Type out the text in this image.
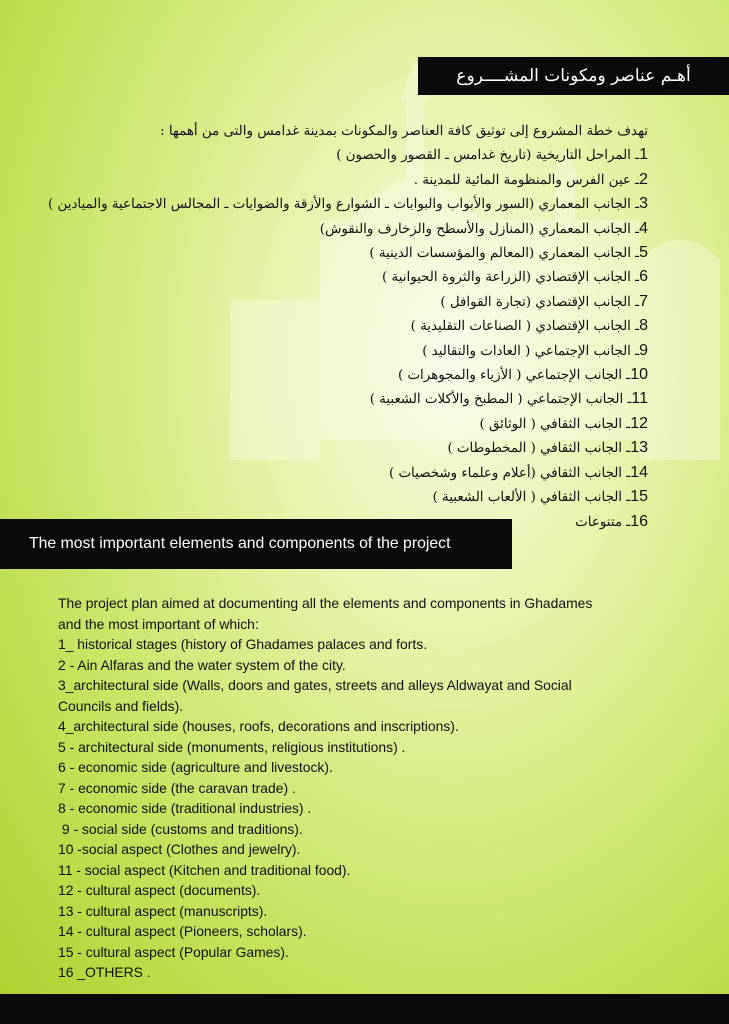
أهـم عناصر ومكونات المشــــروع
تهدف خطة المشروع إلى توثيق كافة العناصر والمكونات بمدينة غدامس والتى من أهمها :
1ـ المراحل التاريخية (تاريخ غدامس ـ القصور والحصون )
2ـ عين الفرس والمنظومة المائية للمدينة .
3ـ الجانب المعماري (السور والأبواب والبوابات ـ الشوارع والأزقة والضوايات ـ المجالس الاجتماعية والميادين )
4ـ الجانب المعماري (المنازل والأسطح والزخارف والنقوش)
5ـ الجانب المعماري (المعالم والمؤسسات الدينية )
6ـ الجانب الإقتصادي (الزراعة والثروة الحيوانية )
7ـ الجانب الإقتصادي (تجارة القوافل )
8ـ الجانب الإقتصادي ( الصناعات التقليدية )
9ـ الجانب الإجتماعي ( العادات والتقاليد )
10ـ الجانب الإجتماعي ( الأزياء والمجوهرات )
11ـ الجانب الإجتماعي ( المطبخ والأكلات الشعبية )
12ـ الجانب الثقافي ( الوثائق )
13ـ الجانب الثقافي ( المخطوطات )
14ـ الجانب الثقافي (أعلام وعلماء وشخصيات )
15ـ الجانب الثقافي ( الألعاب الشعبية )
16ـ متنوعات
The most important elements and components of the project
The project plan aimed at documenting all the elements and components in Ghadames
and the most important of which:
1_ historical stages (history of Ghadames palaces and forts.
2 - Ain Alfaras and the water system of the city.
3_architectural side (Walls, doors and gates, streets and alleys Aldwayat and Social
Councils and fields).
4_architectural side (houses, roofs, decorations and inscriptions).
5 - architectural side (monuments, religious institutions) .
6 - economic side (agriculture and livestock).
7 - economic side (the caravan trade) .
8 - economic side (traditional industries) .
9 - social side (customs and traditions).
10 -social aspect (Clothes and jewelry).
11 - social aspect (Kitchen and traditional food).
12 - cultural aspect (documents).
13 - cultural aspect (manuscripts).
14 - cultural aspect (Pioneers, scholars).
15 - cultural aspect (Popular Games).
16 _OTHERS .
